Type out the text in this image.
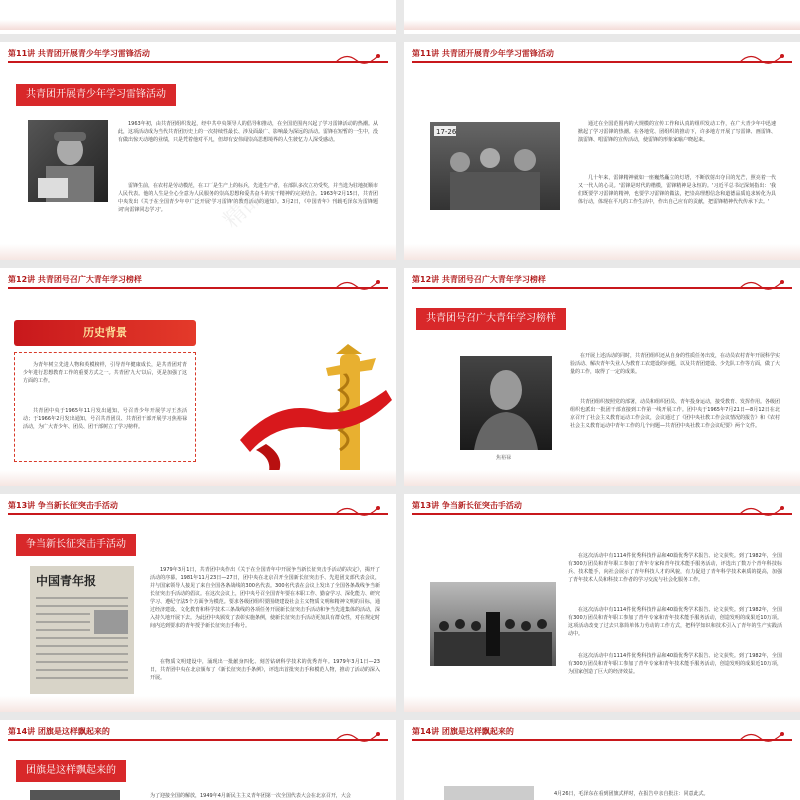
第11讲 共青团开展青少年学习雷锋活动
共青团开展青少年学习雷锋活动
1963年初，由共青团组织发起，经中共中央领导人的倡导和推动，在全国范围内兴起了学习雷锋活动的热潮。从此，这项活动成为当代共青团历史上的一次持续性最长、涉及面最广、影响最为深远的活动。雷锋在短暂的一生中，没有做出惊天动地的业绩，只是凭着他对平凡，但却有安伟闻崇高思想境界的人生彼忆力人深受感动。
雷锋生前，在农村是劳动模范，在工厂是生产上的标兵，先进生产者，在部队多次立功受奖，并当选为驻地抚顺市人民代表。他的人生是全心全意为人民服务的崇高思想和爱共奋斗的实干精神的完美结合。1963年2月15日，共青团中央发出《关于在全国青少年中广泛开展'学习雷锋'的教育活动的通知》。3月2日，《中国青年》刊载毛泽东为雷锋题词'向雷锋同志学习'。	精品
第11讲 共青团开展青少年学习雷锋活动
17-26
通过在全国范围内的大规模的宣传工作和认真的组织发动工作，在广大青少年中迅速掀起了学习雷锋的热潮。在各地党、团组织的推动下，许多地方开展了写雷锋、画雷锋、演雷锋、唱雷锋的宣传活动，使雷锋的形象家喻户晓起来。
几十年来，雷锋精神就如一座巍然矗立的灯塔，不断放射出夺目的光芒，照亮着一代又一代人的心灵。'雷锋是时代的楷模，雷锋精神是永恒的。'习近平总书记深刻指出：'我们既要学习雷锋的精神，也要学习雷锋的做法，把崇高理想信念和道德品质追求转化为具体行动，体现在平凡的工作生活中，作出自己应有的贡献，把雷锋精神代代传承下去。'
第12讲 共青团号召广大青年学习榜样
历史背景
为青年树立先进人物和英模榜样，引导青年健康成长，是共青团对青少年进行思想教育工作的重要方式之一。共青团'九大'以后，更是加强了这方面的工作。
共青团中央于1965年11月发出通知，号召青少年开展学习王杰活动；于1966年2月发出通知，号召共青团员、共青团干部开展学习焦裕禄活动，为广大青少年、团员、团干部树立了学习榜样。
第12讲 共青团号召广大青年学习榜样
共青团号召广大青年学习榜样
焦裕禄
在开展上述活动的同时，共青团组织还从自身的性质任务出发，在动员农村青年开展科学实验活动、解决青年失业人为教育工农建设的问题，以及共青团建设、少先队工作等方面，做了大量的工作，取得了一定的成果。
共青团组织按照党的部署，动员和组织团员、青年投身运动，接受教育、发挥作用。各级团组织也派出一批团干部直接到工作第一线开展工作。团中央于1965年7月21日—8月12日在北京召开了社会主义教育运动工作会议，会议通过了《团中央社教工作会议情况的报告》和《农村社会主义教育运动中青年工作的几个问题—共青团中央社教工作会议纪要》两个文件。
第13讲 争当新长征突击手活动
争当新长征突击手活动
中国青年报
1979年3月1日，共青团中央作出《关于在全国青年中开展争当新长征突击手活动的决定》，揭开了活动的序幕。1981年11月23日—27日，团中央在北京召开全国新长征突击手、先进团支部代表会议，并与国家领导人接见了来自全国各条战线的300名代表。300名代表在会议上发出了全国各条战线争当新长征突击手活动的倡议。在这次会议上，团中央号召全国青年要在本职工作、勤奋学习、深化能力、研究学习、遵纪守法5个方面争为模范。要求各级团组织要围绕建设社会主义物质文明和精神文明的目标，通过经济建设、文化教育和科学技术三条战线的各项任务开展新长征突击手活动和争当先进集体的活动，深入持久地开展下去。为此团中央颁发了表彰实施条例，使新长征突击手活动更加具有群众性，对在规定时间内达到要求的青年授予新长征突击手称号。
在物质文明建设中，涌现出一批献身四化、刻苦钻研科学技术的优秀青年。1979年3月1日—23日，共青团中央在北京颁布了《新长征突击手条例》，评选出首批突击手和模范人物，推动了活动的深入开展。
第13讲 争当新长征突击手活动
在这次活动中有1114件优秀科技作品和40篇优秀学术报告、论文获奖。到了1982年，全国有300万团员和青年职工参加了青年专家和青年技术能手服务活动，评选出了数万个青年科技标兵、技术能手，向社会展示了青年科技人才的风貌，有力促进了青年科学技术素质的提高，加强了青年技术人员和科技工作者的学习交流与社会化服务工作。
在这次活动中有1114件优秀科技作品和40篇优秀学术报告、论文获奖。到了1982年，全国有300万团员和青年职工参加了青年专家和青年技术能手服务活动，创造发明的成果近10万项。这项活动改变了过去只靠简单体力劳动的工作方式，把科学知识和技术引入了青年的生产实践活动中。
在这次活动中有1114件优秀科技作品和40篇优秀学术报告、论文获奖。到了1982年，全国有300万团员和青年职工参加了青年专家和青年技术能手服务活动，创造发明的成果近10万项，为国家创造了巨大的经济效益。
第14讲 团旗是这样飘起来的
团旗是这样飘起来的
为了迎接全国的解放，1949年4月新民主主义青年团第一次全国代表大会在北京召开，大会
第14讲 团旗是这样飘起来的
4月26日，毛泽东在看到团旗式样时，在报告中亲自批注：同意此式。
